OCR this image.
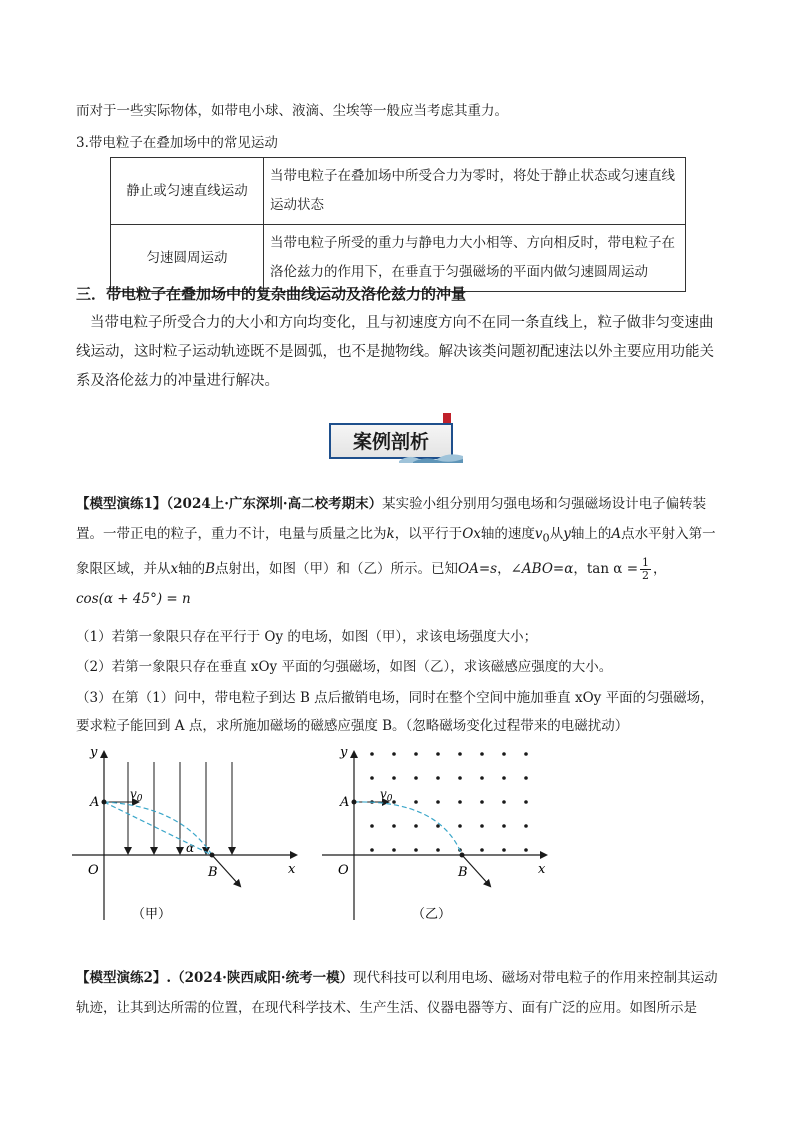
而对于一些实际物体，如带电小球、液滴、尘埃等一般应当考虑其重力。
3.带电粒子在叠加场中的常见运动
静止或匀速直线运动	当带电粒子在叠加场中所受合力为零时，将处于静止状态或匀速直线运动状态
匀速圆周运动	当带电粒子所受的重力与静电力大小相等、方向相反时，带电粒子在洛伦兹力的作用下，在垂直于匀强磁场的平面内做匀速圆周运动
三．带电粒子在叠加场中的复杂曲线运动及洛伦兹力的冲量
当带电粒子所受合力的大小和方向均变化，且与初速度方向不在同一条直线上，粒子做非匀变速曲线运动，这时粒子运动轨迹既不是圆弧，也不是抛物线。解决该类问题初配速法以外主要应用功能关系及洛伦兹力的冲量进行解决。
案例剖析
【模型演练1】（2024上·广东深圳·高二校考期末）某实验小组分别用匀强电场和匀强磁场设计电子偏转装置。一带正电的粒子，重力不计，电量与质量之比为k，以平行于Ox轴的速度$v_0$从y轴上的A点水平射入第一象限区域，并从x轴的B点射出，如图（甲）和（乙）所示。已知OA=s，∠ABO=α，$\tan \alpha = \frac{1}{2}$ ，
cos(α + 45°) = n
（1）若第一象限只存在平行于 Oy 的电场，如图（甲），求该电场强度大小；
（2）若第一象限只存在垂直 xOy 平面的匀强磁场，如图（乙），求该磁感应强度的大小。
（3）在第（1）问中，带电粒子到达 B 点后撤销电场，同时在整个空间中施加垂直 xOy 平面的匀强磁场，
要求粒子能回到 A 点，求所施加磁场的磁感应强度 B。（忽略磁场变化过程带来的电磁扰动）
y
x
O
A
B
$v_0$
α
（甲）
y
x
O
A
B
$v_0$
（乙）
【模型演练2】.（2024·陕西咸阳·统考一模）现代科技可以利用电场、磁场对带电粒子的作用来控制其运动
轨迹，让其到达所需的位置，在现代科学技术、生产生活、仪器电器等方、面有广泛的应用。如图所示是
